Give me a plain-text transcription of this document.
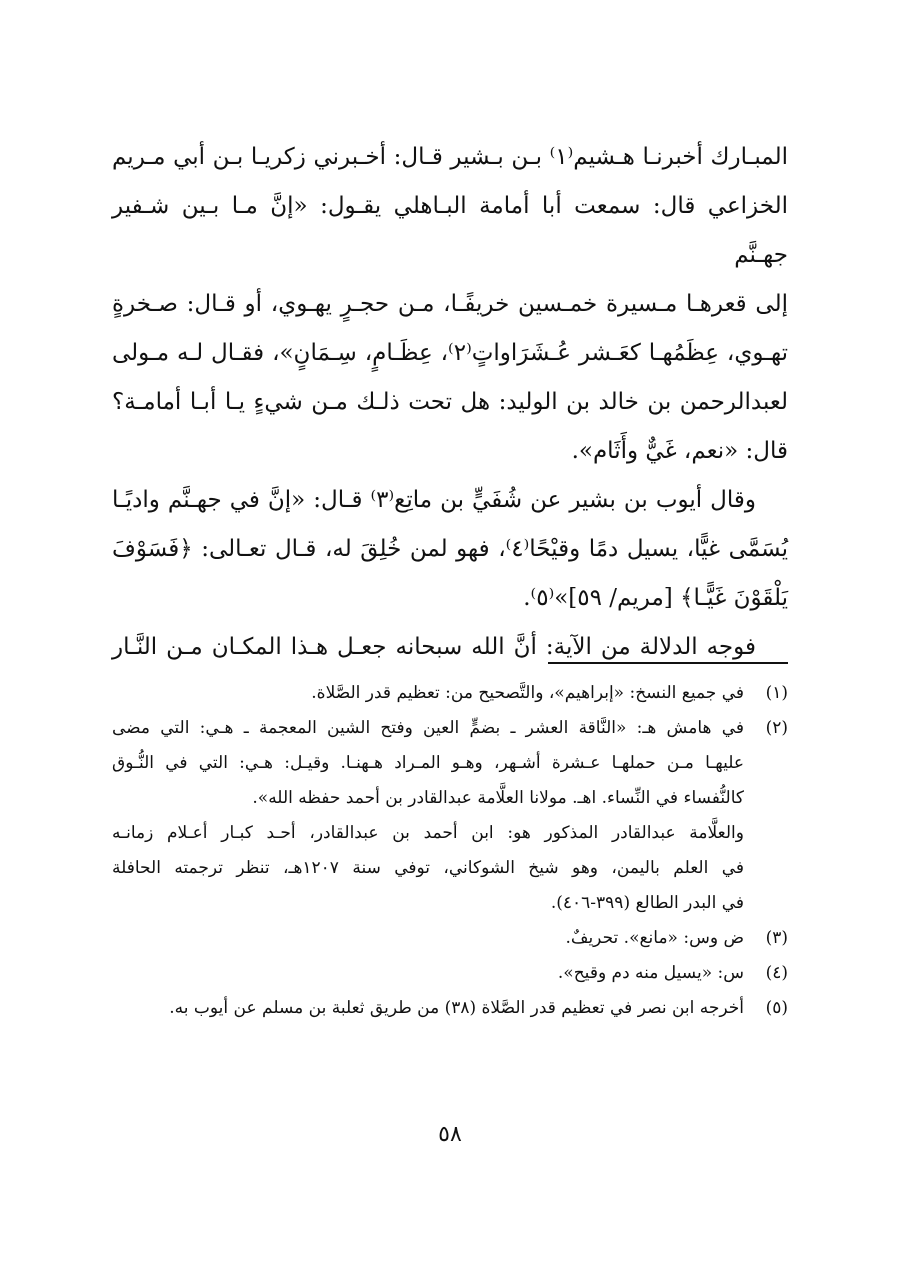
المبـارك أخبرنـا هـشيم⁽١⁾ بـن بـشير قـال: أخـبرني زكريـا بـن أبي مـريم

الخزاعي قال: سمعت أبا أمامة البـاهلي يقـول: «إنَّ مـا بـين شـفير جهـنَّم

إلى قعرهـا مـسيرة خمـسين خريفًـا، مـن حجـرٍ يهـوي، أو قـال: صـخرةٍ

تهـوي، عِظَمُهـا كعَـشر عُـشَرَاواتٍ⁽٢⁾، عِظَـامٍ، سِـمَانٍ»، فقـال لـه مـولى

لعبدالرحمن بن خالد بن الوليد: هل تحت ذلـك مـن شيءٍ يـا أبـا أمامـة؟

قال: «نعم، غَيٌّ وأَثَام».

وقال أيوب بن بشير عن شُفَيٍّ بن ماتِع⁽٣⁾ قـال: «إنَّ في جهـنَّم واديًـا

يُسَمَّى غيًّا، يسيل دمًا وقيْحًا⁽٤⁾، فهو لمن خُلِقَ له، قـال تعـالى: ﴿فَسَوْفَ

يَلْقَوْنَ غَيًّـا﴾ [مريم/ ٥٩]»⁽٥⁾.

فوجه الدلالة من الآية: أنَّ الله سبحانه جعـل هـذا المكـان مـن النَّـار

(١)

في جميع النسخ: «إبراهيم»، والتَّصحيح من: تعظيم قدر الصَّلاة.

(٢)

في هامش هـ: «النَّاقة العشر ـ بضمٍّ العين وفتح الشين المعجمة ـ هـي: التي مضى

عليهـا مـن حملهـا عـشرة أشـهر، وهـو المـراد هـهنـا. وقيـل: هـي: التي في النُّـوق

كالنُّفساء في النِّساء. اهـ. مولانا العلَّامة عبدالقادر بن أحمد حفظه الله».

والعلَّامة عبدالقادر المذكور هو: ابن أحمد بن عبدالقادر، أحـد كبـار أعـلام زمانـه

في العلم باليمن، وهو شيخ الشوكاني، توفي سنة ١٢٠٧هـ، تنظر ترجمته الحافلة

في البدر الطالع (٣٩٩-٤٠٦).

(٣)

ض وس: «مانع». تحريفٌ.

(٤)

س: «يسيل منه دم وقيح».

(٥)

أخرجه ابن نصر في تعظيم قدر الصَّلاة (٣٨) من طريق ثعلبة بن مسلم عن أيوب به.

٥٨
